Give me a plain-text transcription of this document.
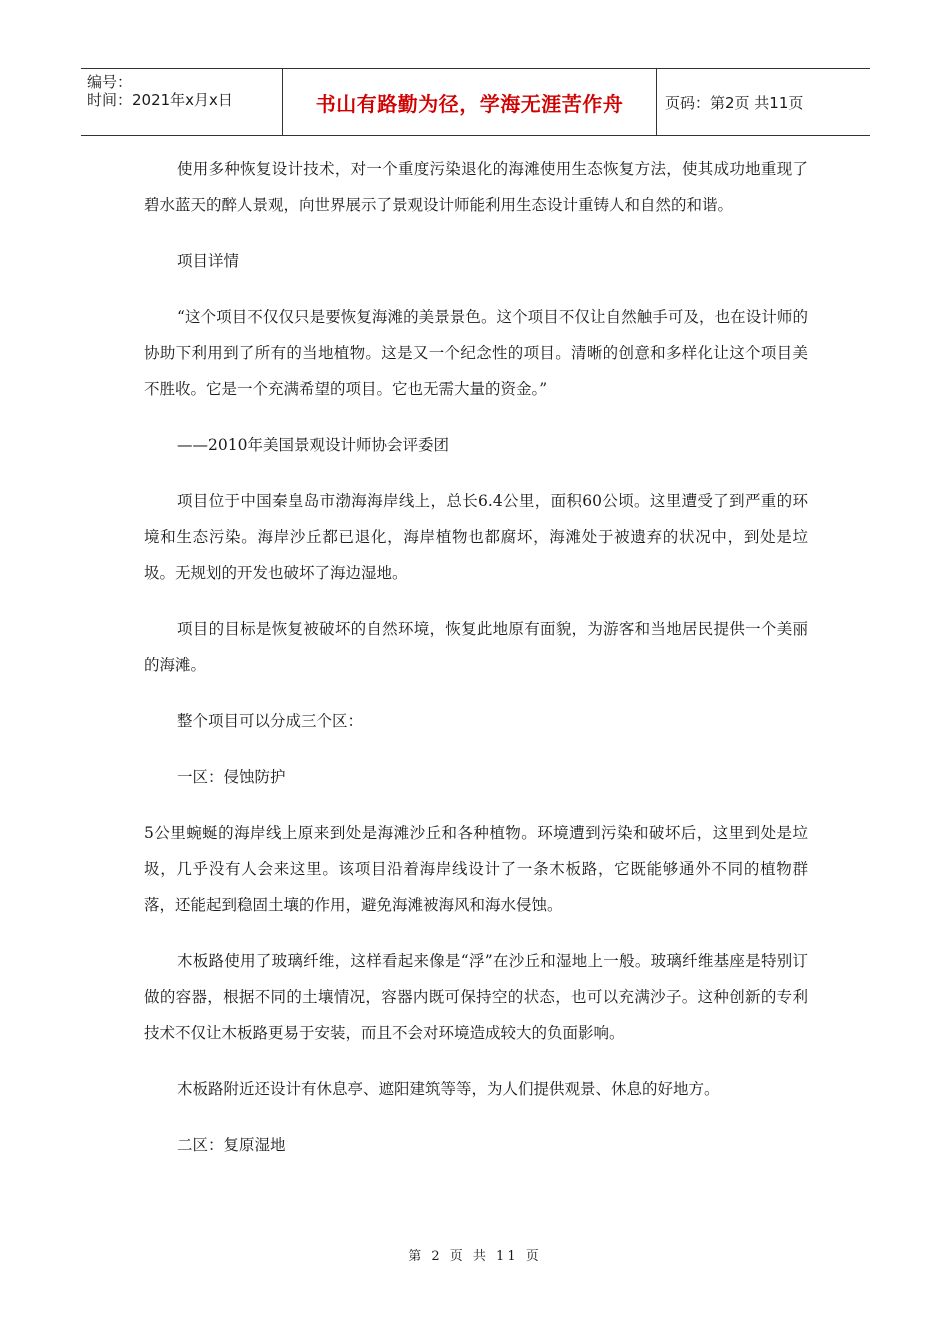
编号：
时间：2021年x月x日	书山有路勤为径，学海无涯苦作舟	页码：第2页 共11页

使用多种恢复设计技术，对一个重度污染退化的海滩使用生态恢复方法，使其成功地重现了碧水蓝天的醉人景观，向世界展示了景观设计师能利用生态设计重铸人和自然的和谐。

项目详情

“这个项目不仅仅只是要恢复海滩的美景景色。这个项目不仅让自然触手可及，也在设计师的协助下利用到了所有的当地植物。这是又一个纪念性的项目。清晰的创意和多样化让这个项目美不胜收。它是一个充满希望的项目。它也无需大量的资金。”

——2010年美国景观设计师协会评委团

项目位于中国秦皇岛市渤海海岸线上，总长6.4公里，面积60公顷。这里遭受了到严重的环境和生态污染。海岸沙丘都已退化，海岸植物也都腐坏，海滩处于被遗弃的状况中，到处是垃圾。无规划的开发也破坏了海边湿地。

项目的目标是恢复被破坏的自然环境，恢复此地原有面貌，为游客和当地居民提供一个美丽的海滩。

整个项目可以分成三个区：

一区：侵蚀防护

5公里蜿蜒的海岸线上原来到处是海滩沙丘和各种植物。环境遭到污染和破坏后，这里到处是垃圾，几乎没有人会来这里。该项目沿着海岸线设计了一条木板路，它既能够通外不同的植物群落，还能起到稳固土壤的作用，避免海滩被海风和海水侵蚀。

木板路使用了玻璃纤维，这样看起来像是“浮”在沙丘和湿地上一般。玻璃纤维基座是特别订做的容器，根据不同的土壤情况，容器内既可保持空的状态，也可以充满沙子。这种创新的专利技术不仅让木板路更易于安装，而且不会对环境造成较大的负面影响。

木板路附近还设计有休息亭、遮阳建筑等等，为人们提供观景、休息的好地方。

二区：复原湿地

第 2 页 共 11 页
